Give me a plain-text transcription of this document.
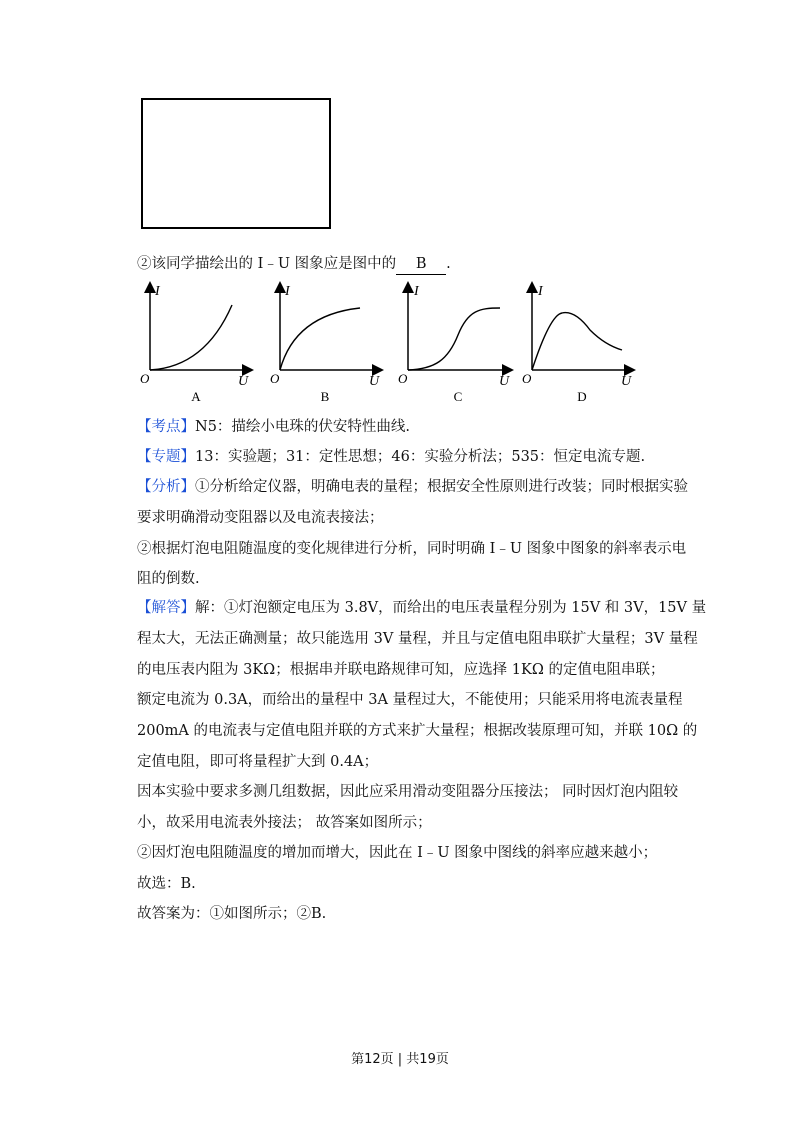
②该同学描绘出的 I﹣U 图象应是图中的 B .
I
U
O
A
I
U
O
B
I
U
O
C
I
U
O
D
【考点】N5：描绘小电珠的伏安特性曲线.
【专题】13：实验题；31：定性思想；46：实验分析法；535：恒定电流专题.
【分析】①分析给定仪器，明确电表的量程；根据安全性原则进行改装；同时根据实验
要求明确滑动变阻器以及电流表接法；
②根据灯泡电阻随温度的变化规律进行分析，同时明确 I﹣U 图象中图象的斜率表示电
阻的倒数.
【解答】解：①灯泡额定电压为 3.8V，而给出的电压表量程分别为 15V 和 3V，15V 量
程太大，无法正确测量；故只能选用 3V 量程，并且与定值电阻串联扩大量程；3V 量程
的电压表内阻为 3KΩ；根据串并联电路规律可知，应选择 1KΩ 的定值电阻串联；
额定电流为 0.3A，而给出的量程中 3A 量程过大，不能使用；只能采用将电流表量程
200mA 的电流表与定值电阻并联的方式来扩大量程；根据改装原理可知，并联 10Ω 的
定值电阻，即可将量程扩大到 0.4A；
因本实验中要求多测几组数据，因此应采用滑动变阻器分压接法； 同时因灯泡内阻较
小，故采用电流表外接法； 故答案如图所示；
②因灯泡电阻随温度的增加而增大，因此在 I﹣U 图象中图线的斜率应越来越小；
故选：B.
故答案为：①如图所示；②B.
第12页 | 共19页
